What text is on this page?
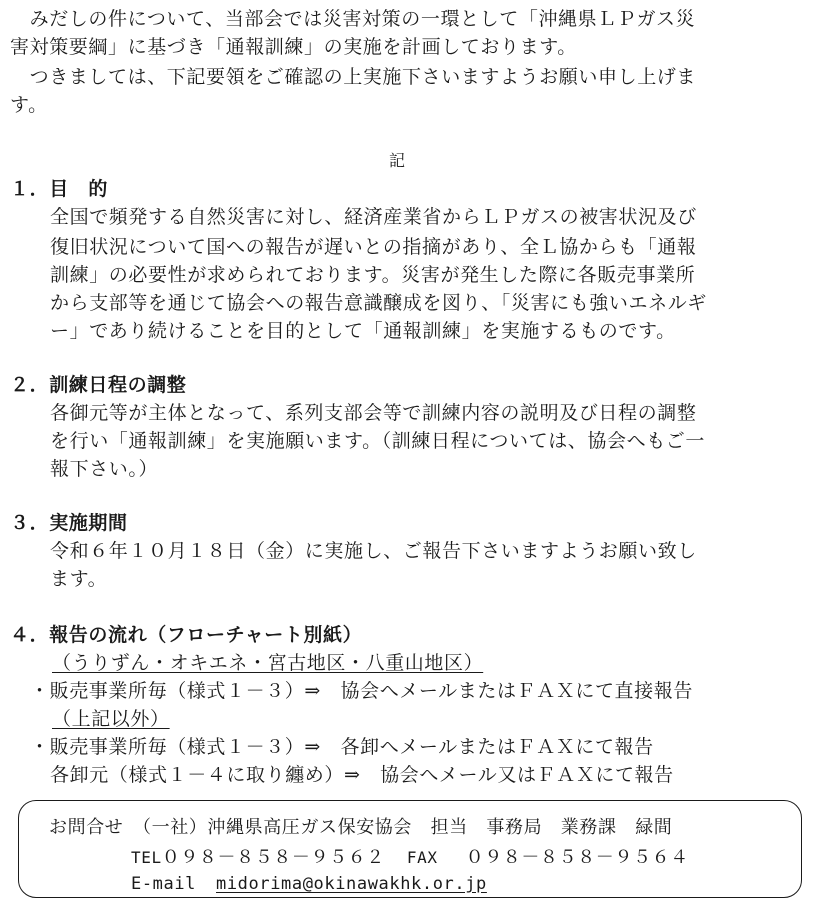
　みだしの件について、当部会では災害対策の一環として「沖縄県ＬＰガス災
害対策要綱」に基づき「通報訓練」の実施を計画しております。
　つきましては、下記要領をご確認の上実施下さいますようお願い申し上げま
す。
記
１．目　的
全国で頻発する自然災害に対し、経済産業省からＬＰガスの被害状況及び
復旧状況について国への報告が遅いとの指摘があり、全Ｌ協からも「通報
訓練」の必要性が求められております。災害が発生した際に各販売事業所
から支部等を通じて協会への報告意識醸成を図り、「災害にも強いエネルギ
ー」であり続けることを目的として「通報訓練」を実施するものです。
２．訓練日程の調整
各御元等が主体となって、系列支部会等で訓練内容の説明及び日程の調整
を行い「通報訓練」を実施願います。（訓練日程については、協会へもご一
報下さい。）
３．実施期間
令和６年１０月１８日（金）に実施し、ご報告下さいますようお願い致し
ます。
４．報告の流れ（フローチャート別紙）
（うりずん・オキエネ・宮古地区・八重山地区）
・販売事業所毎（様式１－３）⇒　協会へメールまたはＦＡＸにて直接報告
（上記以外）
・販売事業所毎（様式１－３）⇒　各卸へメールまたはＦＡＸにて報告
各卸元（様式１－４に取り纏め）⇒　協会へメール又はＦＡＸにて報告
お問合せ　（一社）沖縄県高圧ガス保安協会　担当　事務局　業務課　緑間
TEL０９８－８５８－９５６２ FAX ０９８－８５８－９５６４
E-mail midorima@okinawakhk.or.jp
